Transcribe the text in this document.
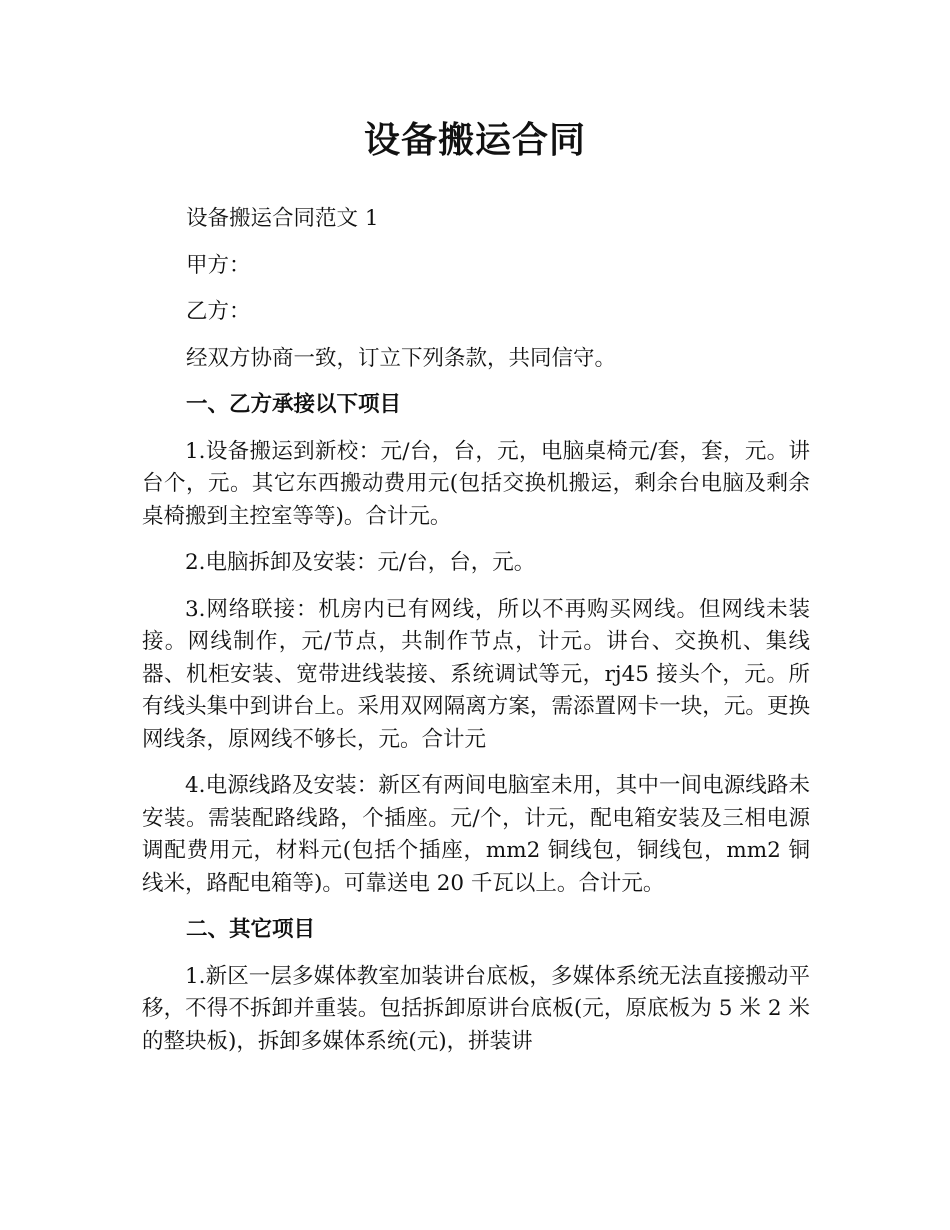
设备搬运合同

设备搬运合同范文 1

甲方：

乙方：

经双方协商一致，订立下列条款，共同信守。

一、乙方承接以下项目

1.设备搬运到新校：元/台，台，元，电脑桌椅元/套，套，元。讲台个，元。其它东西搬动费用元(包括交换机搬运，剩余台电脑及剩余桌椅搬到主控室等等)。合计元。

2.电脑拆卸及安装：元/台，台，元。

3.网络联接：机房内已有网线，所以不再购买网线。但网线未装接。网线制作，元/节点，共制作节点，计元。讲台、交换机、集线器、机柜安装、宽带进线装接、系统调试等元，rj45 接头个，元。所有线头集中到讲台上。采用双网隔离方案，需添置网卡一块，元。更换网线条，原网线不够长，元。合计元

4.电源线路及安装：新区有两间电脑室未用，其中一间电源线路未安装。需装配路线路，个插座。元/个，计元，配电箱安装及三相电源调配费用元，材料元(包括个插座，mm2 铜线包，铜线包，mm2 铜线米，路配电箱等)。可靠送电 20 千瓦以上。合计元。

二、其它项目

1.新区一层多媒体教室加装讲台底板，多媒体系统无法直接搬动平移，不得不拆卸并重装。包括拆卸原讲台底板(元，原底板为 5 米 2 米的整块板)，拆卸多媒体系统(元)，拼装讲
